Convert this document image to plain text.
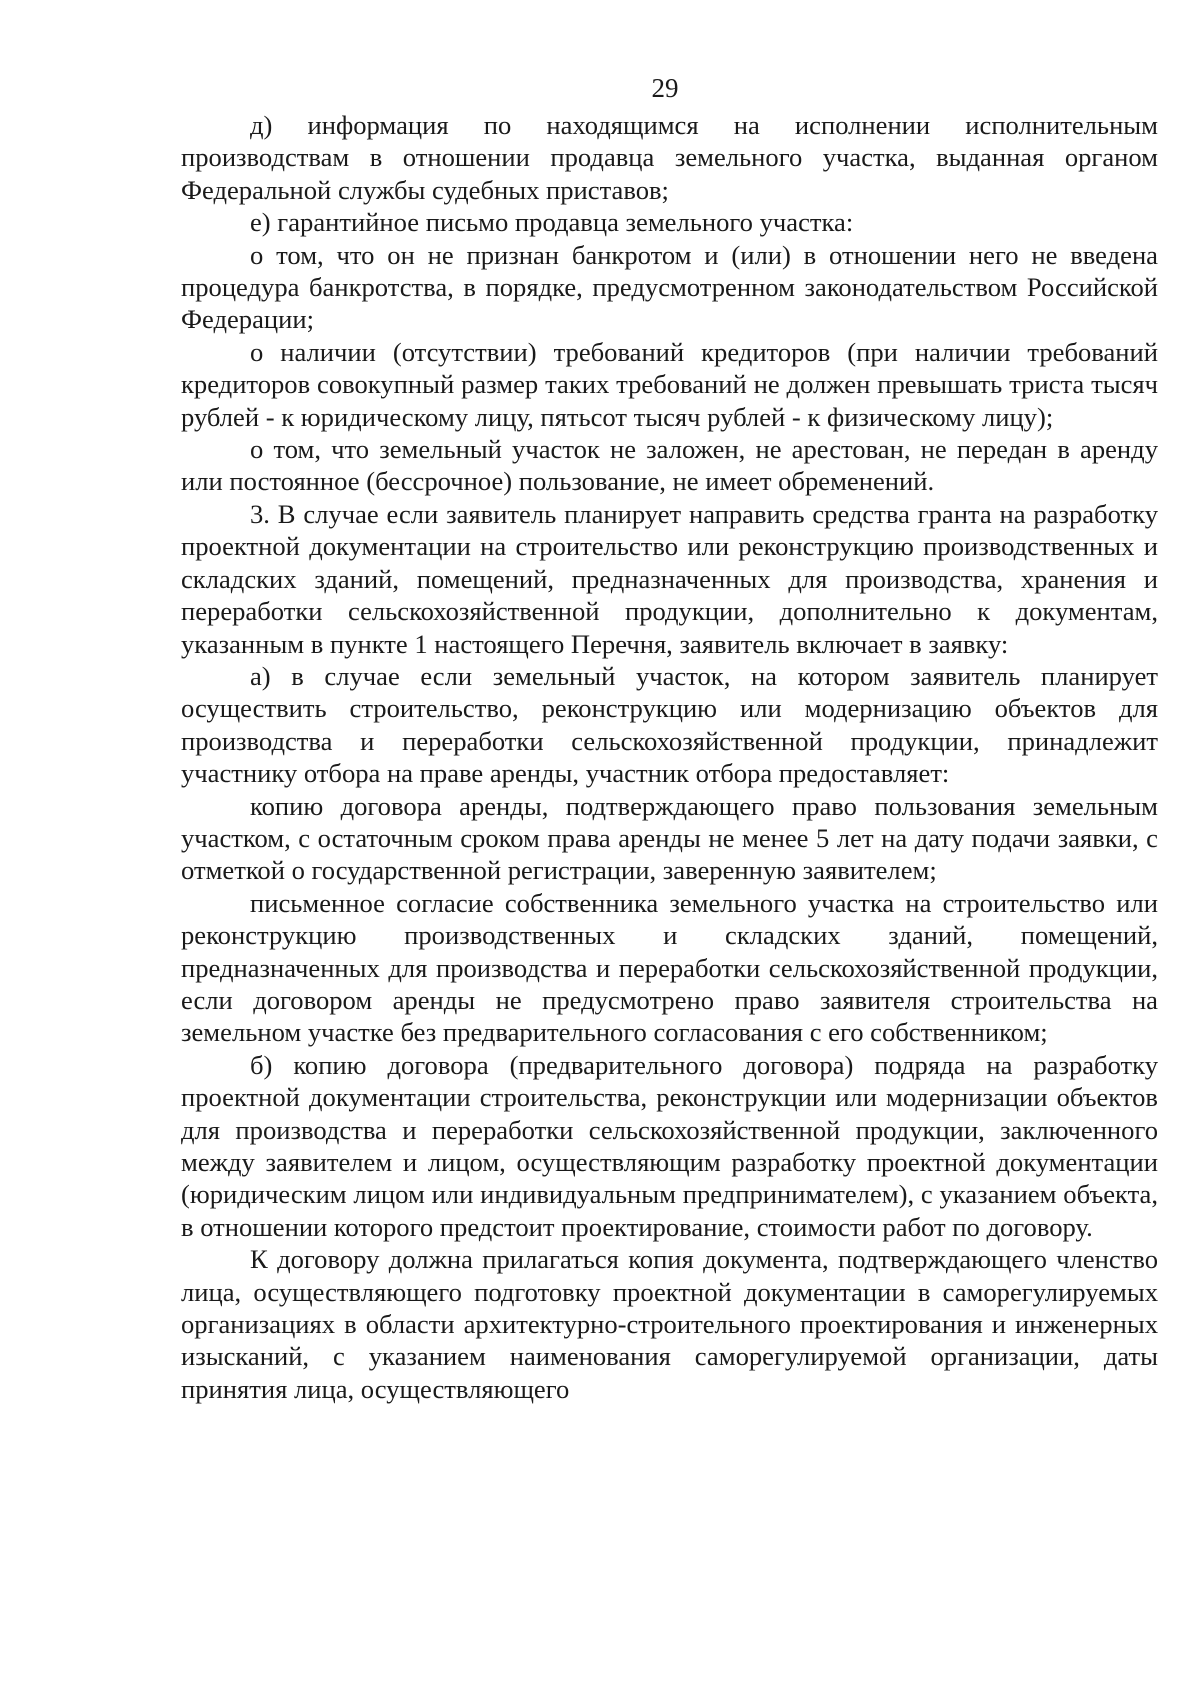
29

д) информация по находящимся на исполнении исполнительным производствам в отношении продавца земельного участка, выданная органом Федеральной службы судебных приставов;

е) гарантийное письмо продавца земельного участка:

о том, что он не признан банкротом и (или) в отношении него не введена процедура банкротства, в порядке, предусмотренном законодательством Российской Федерации;

о наличии (отсутствии) требований кредиторов (при наличии требований кредиторов совокупный размер таких требований не должен превышать триста тысяч рублей - к юридическому лицу, пятьсот тысяч рублей - к физическому лицу);

о том, что земельный участок не заложен, не арестован, не передан в аренду или постоянное (бессрочное) пользование, не имеет обременений.

3. В случае если заявитель планирует направить средства гранта на разработку проектной документации на строительство или реконструкцию производственных и складских зданий, помещений, предназначенных для производства, хранения и переработки сельскохозяйственной продукции, дополнительно к документам, указанным в пункте 1 настоящего Перечня, заявитель включает в заявку:

а) в случае если земельный участок, на котором заявитель планирует осуществить строительство, реконструкцию или модернизацию объектов для производства и переработки сельскохозяйственной продукции, принадлежит участнику отбора на праве аренды, участник отбора предоставляет:

копию договора аренды, подтверждающего право пользования земельным участком, с остаточным сроком права аренды не менее 5 лет на дату подачи заявки, с отметкой о государственной регистрации, заверенную заявителем;

письменное согласие собственника земельного участка на строительство или реконструкцию производственных и складских зданий, помещений, предназначенных для производства и переработки сельскохозяйственной продукции, если договором аренды не предусмотрено право заявителя строительства на земельном участке без предварительного согласования с его собственником;

б) копию договора (предварительного договора) подряда на разработку проектной документации строительства, реконструкции или модернизации объектов для производства и переработки сельскохозяйственной продукции, заключенного между заявителем и лицом, осуществляющим разработку проектной документации (юридическим лицом или индивидуальным предпринимателем), с указанием объекта, в отношении которого предстоит проектирование, стоимости работ по договору.

К договору должна прилагаться копия документа, подтверждающего членство лица, осуществляющего подготовку проектной документации в саморегулируемых организациях в области архитектурно-строительного проектирования и инженерных изысканий, с указанием наименования саморегулируемой организации, даты принятия лица, осуществляющего
